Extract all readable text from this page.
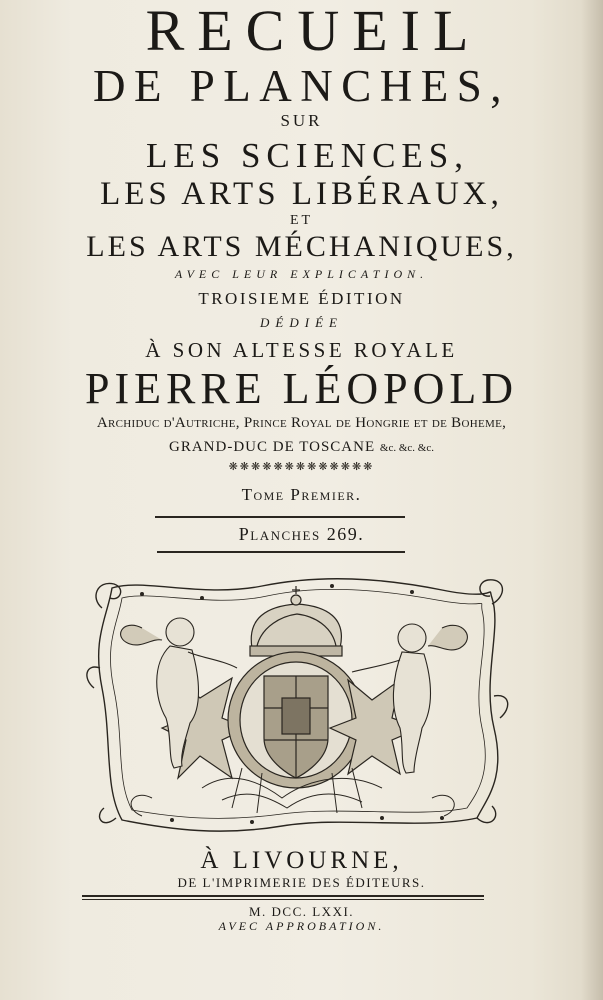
RECUEIL
DE PLANCHES,
SUR
LES SCIENCES,
LES ARTS LIBÉRAUX,
ET
LES ARTS MÉCHANIQUES,
AVEC LEUR EXPLICATION.
TROISIEME ÉDITION
DÉDIÉE
À SON ALTESSE ROYALE
PIERRE LÉOPOLD
Archiduc d'Autriche, Prince Royal de Hongrie et de Boheme,
GRAND-DUC DE TOSCANE &c. &c. &c.
❋❋❋❋❋❋❋❋❋❋❋❋❋
Tome Premier.
Planches 269.
À LIVOURNE,
DE L'IMPRIMERIE DES ÉDITEURS.
M. DCC. LXXI.
AVEC APPROBATION.
